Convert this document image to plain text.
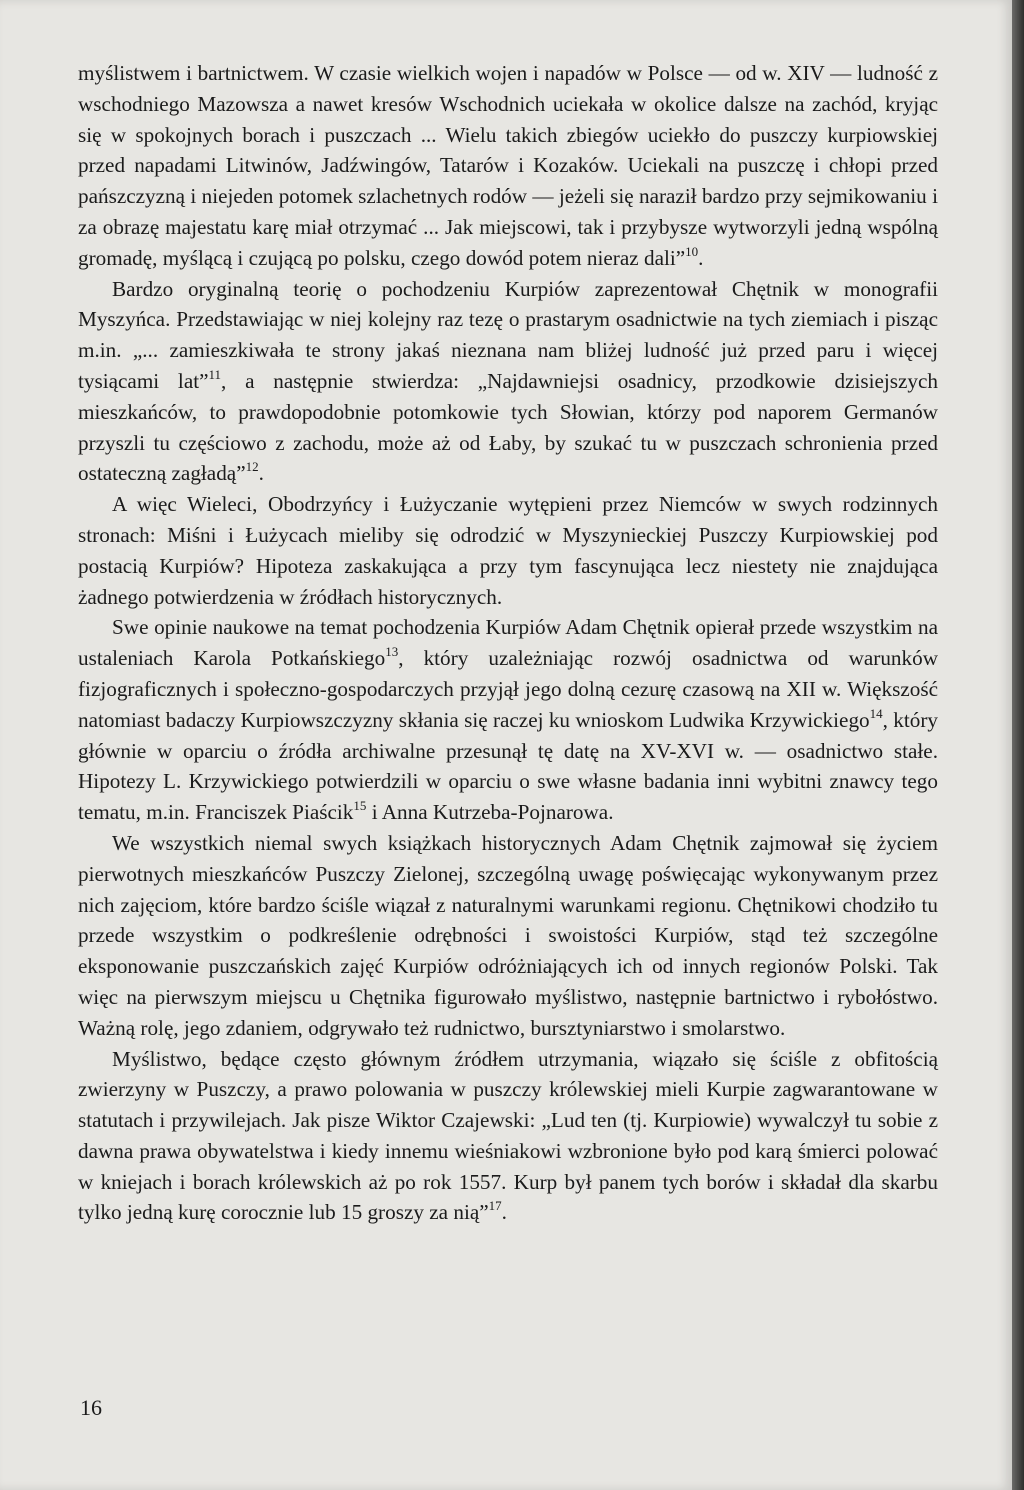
myślistwem i bartnictwem. W czasie wielkich wojen i napadów w Polsce — od w. XIV — ludność z wschodniego Mazowsza a nawet kresów Wschodnich uciekała w okolice dalsze na zachód, kryjąc się w spokojnych borach i puszczach ... Wielu takich zbiegów uciekło do puszczy kurpiowskiej przed napadami Litwinów, Jadźwingów, Tatarów i Kozaków. Uciekali na puszczę i chłopi przed pańszczyzną i niejeden potomek szlachetnych rodów — jeżeli się naraził bardzo przy sejmikowaniu i za obrazę majestatu karę miał otrzymać ... Jak miejscowi, tak i przybysze wytworzyli jedną wspólną gromadę, myślącą i czującą po polsku, czego dowód potem nieraz dali”$^{10}$.

Bardzo oryginalną teorię o pochodzeniu Kurpiów zaprezentował Chętnik w monografii Myszyńca. Przedstawiając w niej kolejny raz tezę o prastarym osadnictwie na tych ziemiach i pisząc m.in. „... zamieszkiwała te strony jakaś nieznana nam bliżej ludność już przed paru i więcej tysiącami lat”$^{11}$, a następnie stwierdza: „Najdawniejsi osadnicy, przodkowie dzisiejszych mieszkańców, to prawdopodobnie potomkowie tych Słowian, którzy pod naporem Germanów przyszli tu częściowo z zachodu, może aż od Łaby, by szukać tu w puszczach schronienia przed ostateczną zagładą”$^{12}$.

A więc Wieleci, Obodrzyńcy i Łużyczanie wytępieni przez Niemców w swych rodzinnych stronach: Miśni i Łużycach mieliby się odrodzić w Myszynieckiej Puszczy Kurpiowskiej pod postacią Kurpiów? Hipoteza zaskakująca a przy tym fascynująca lecz niestety nie znajdująca żadnego potwierdzenia w źródłach historycznych.

Swe opinie naukowe na temat pochodzenia Kurpiów Adam Chętnik opierał przede wszystkim na ustaleniach Karola Potkańskiego$^{13}$, który uzależniając rozwój osadnictwa od warunków fizjograficznych i społeczno-gospodarczych przyjął jego dolną cezurę czasową na XII w. Większość natomiast badaczy Kurpiowszczyzny skłania się raczej ku wnioskom Ludwika Krzywickiego$^{14}$, który głównie w oparciu o źródła archiwalne przesunął tę datę na XV-XVI w. — osadnictwo stałe. Hipotezy L. Krzywickiego potwierdzili w oparciu o swe własne badania inni wybitni znawcy tego tematu, m.in. Franciszek Piaścik$^{15}$ i Anna Kutrzeba-Pojnarowa.

We wszystkich niemal swych książkach historycznych Adam Chętnik zajmował się życiem pierwotnych mieszkańców Puszczy Zielonej, szczególną uwagę poświęcając wykonywanym przez nich zajęciom, które bardzo ściśle wiązał z naturalnymi warunkami regionu. Chętnikowi chodziło tu przede wszystkim o podkreślenie odrębności i swoistości Kurpiów, stąd też szczególne eksponowanie puszczańskich zajęć Kurpiów odróżniających ich od innych regionów Polski. Tak więc na pierwszym miejscu u Chętnika figurowało myślistwo, następnie bartnictwo i rybołóstwo. Ważną rolę, jego zdaniem, odgrywało też rudnictwo, bursztyniarstwo i smolarstwo.

Myślistwo, będące często głównym źródłem utrzymania, wiązało się ściśle z obfitością zwierzyny w Puszczy, a prawo polowania w puszczy królewskiej mieli Kurpie zagwarantowane w statutach i przywilejach. Jak pisze Wiktor Czajewski: „Lud ten (tj. Kurpiowie) wywalczył tu sobie z dawna prawa obywatelstwa i kiedy innemu wieśniakowi wzbronione było pod karą śmierci polować w kniejach i borach królewskich aż po rok 1557. Kurp był panem tych borów i składał dla skarbu tylko jedną kurę corocznie lub 15 groszy za nią”$^{17}$.

16
